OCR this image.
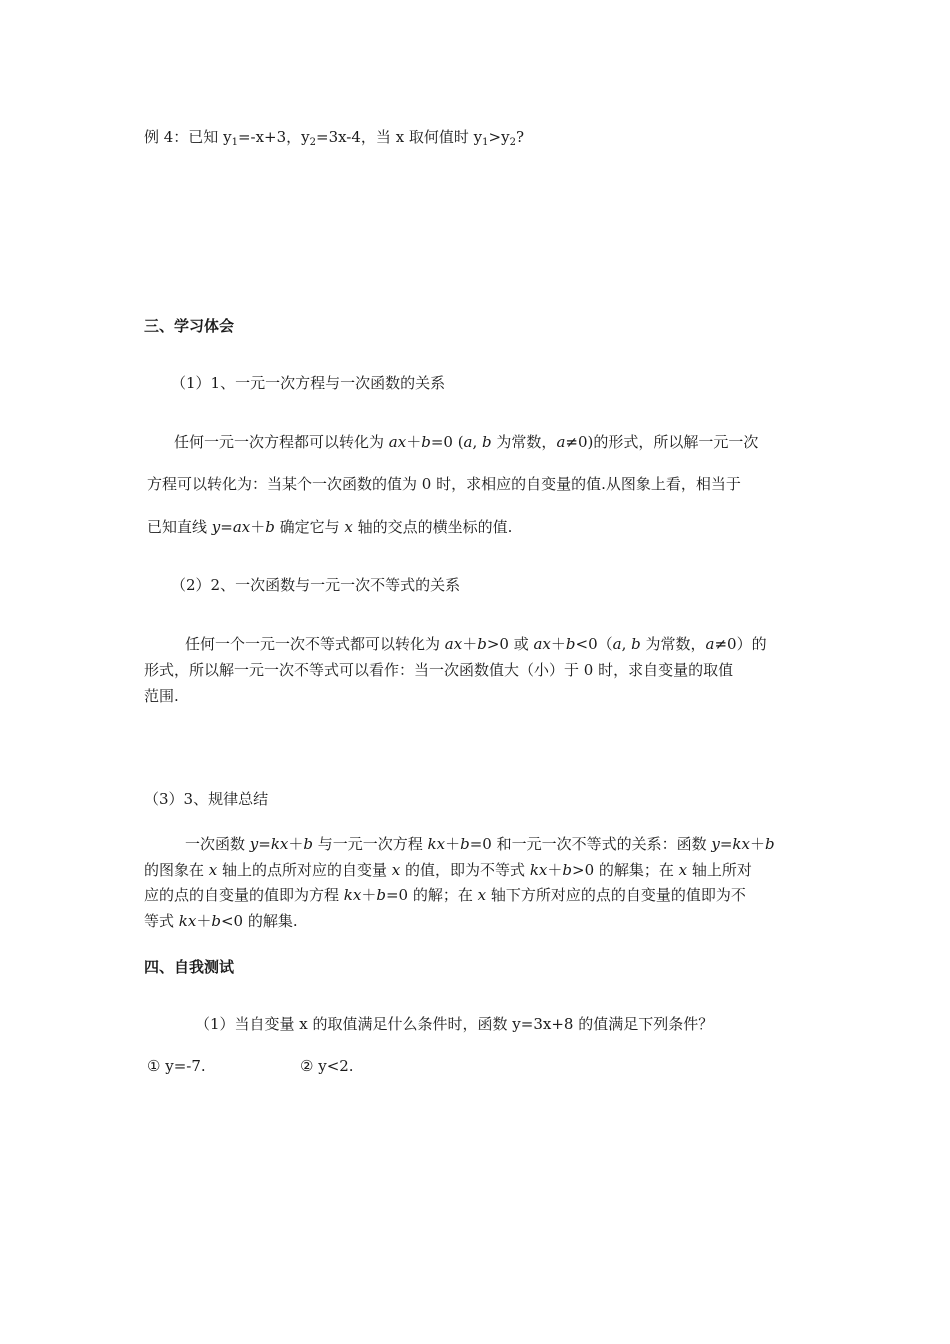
例 4：已知 $y_1=-x+3$，$y_2=3x-4$，当 x 取何值时 $y_1>y_2$?
三、学习体会
（1）1、一元一次方程与一次函数的关系
任何一元一次方程都可以转化为 ax＋b=0 (a, b 为常数，a≠0)的形式，所以解一元一次
方程可以转化为：当某个一次函数的值为 0 时，求相应的自变量的值.从图象上看，相当于
已知直线 y=ax＋b 确定它与 x 轴的交点的横坐标的值.
（2）2、一次函数与一元一次不等式的关系
任何一个一元一次不等式都可以转化为 ax＋b>0 或 ax＋b<0（a, b 为常数，a≠0）的
形式，所以解一元一次不等式可以看作：当一次函数值大（小）于 0 时，求自变量的取值
范围.
（3）3、规律总结
一次函数 y=kx＋b 与一元一次方程 kx＋b=0 和一元一次不等式的关系：函数 y=kx＋b
的图象在 x 轴上的点所对应的自变量 x 的值，即为不等式 kx＋b>0 的解集；在 x 轴上所对
应的点的自变量的值即为方程 kx＋b=0 的解；在 x 轴下方所对应的点的自变量的值即为不
等式 kx＋b<0 的解集.
四、自我测试
（1）当自变量 x 的取值满足什么条件时，函数 y=3x+8 的值满足下列条件？
① y=-7.	② y<2.
